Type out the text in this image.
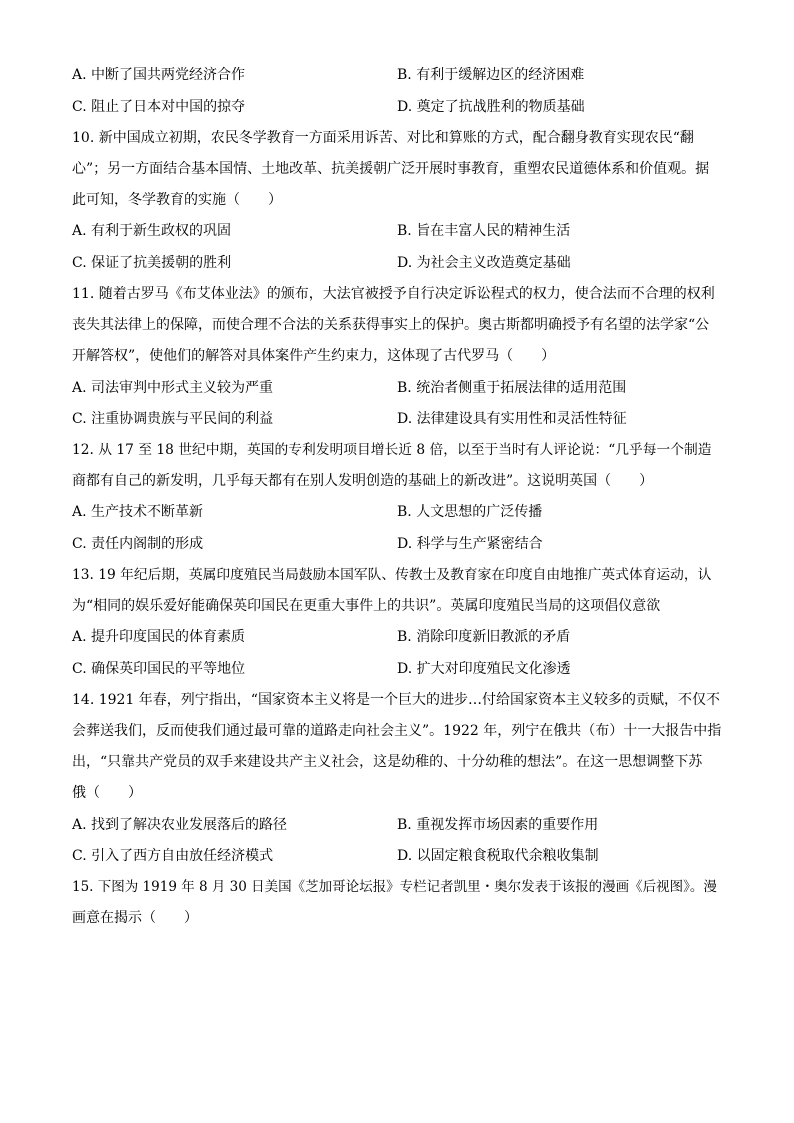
A. 中断了国共两党经济合作	B. 有利于缓解边区的经济困难
C. 阻止了日本对中国的掠夺	D. 奠定了抗战胜利的物质基础
10. 新中国成立初期，农民冬学教育一方面采用诉苦、对比和算账的方式，配合翻身教育实现农民“翻
心”；另一方面结合基本国情、土地改革、抗美援朝广泛开展时事教育，重塑农民道德体系和价值观。据
此可知，冬学教育的实施（　　）
A. 有利于新生政权的巩固	B. 旨在丰富人民的精神生活
C. 保证了抗美援朝的胜利	D. 为社会主义改造奠定基础
11. 随着古罗马《布艾体业法》的颁布，大法官被授予自行决定诉讼程式的权力，使合法而不合理的权利
丧失其法律上的保障，而使合理不合法的关系获得事实上的保护。奥古斯都明确授予有名望的法学家“公
开解答权”，使他们的解答对具体案件产生约束力，这体现了古代罗马（　　）
A. 司法审判中形式主义较为严重	B. 统治者侧重于拓展法律的适用范围
C. 注重协调贵族与平民间的利益	D. 法律建设具有实用性和灵活性特征
12. 从 17 至 18 世纪中期，英国的专利发明项目增长近 8 倍，以至于当时有人评论说：“几乎每一个制造
商都有自己的新发明，几乎每天都有在别人发明创造的基础上的新改进”。这说明英国（　　）
A. 生产技术不断革新	B. 人文思想的广泛传播
C. 责任内阁制的形成	D. 科学与生产紧密结合
13. 19 年纪后期，英属印度殖民当局鼓励本国军队、传教士及教育家在印度自由地推广英式体育运动，认
为“相同的娱乐爱好能确保英印国民在更重大事件上的共识”。英属印度殖民当局的这项倡仪意欲
A. 提升印度国民的体育素质	B. 消除印度新旧教派的矛盾
C. 确保英印国民的平等地位	D. 扩大对印度殖民文化渗透
14. 1921 年春，列宁指出，“国家资本主义将是一个巨大的进步…付给国家资本主义较多的贡赋，不仅不
会葬送我们，反而使我们通过最可靠的道路走向社会主义”。1922 年，列宁在俄共（布）十一大报告中指
出，“只靠共产党员的双手来建设共产主义社会，这是幼稚的、十分幼稚的想法”。在这一思想调整下苏
俄（　　）
A. 找到了解决农业发展落后的路径	B. 重视发挥市场因素的重要作用
C. 引入了西方自由放任经济模式	D. 以固定粮食税取代余粮收集制
15. 下图为 1919 年 8 月 30 日美国《芝加哥论坛报》专栏记者凯里・奥尔发表于该报的漫画《后视图》。漫
画意在揭示（　　）
